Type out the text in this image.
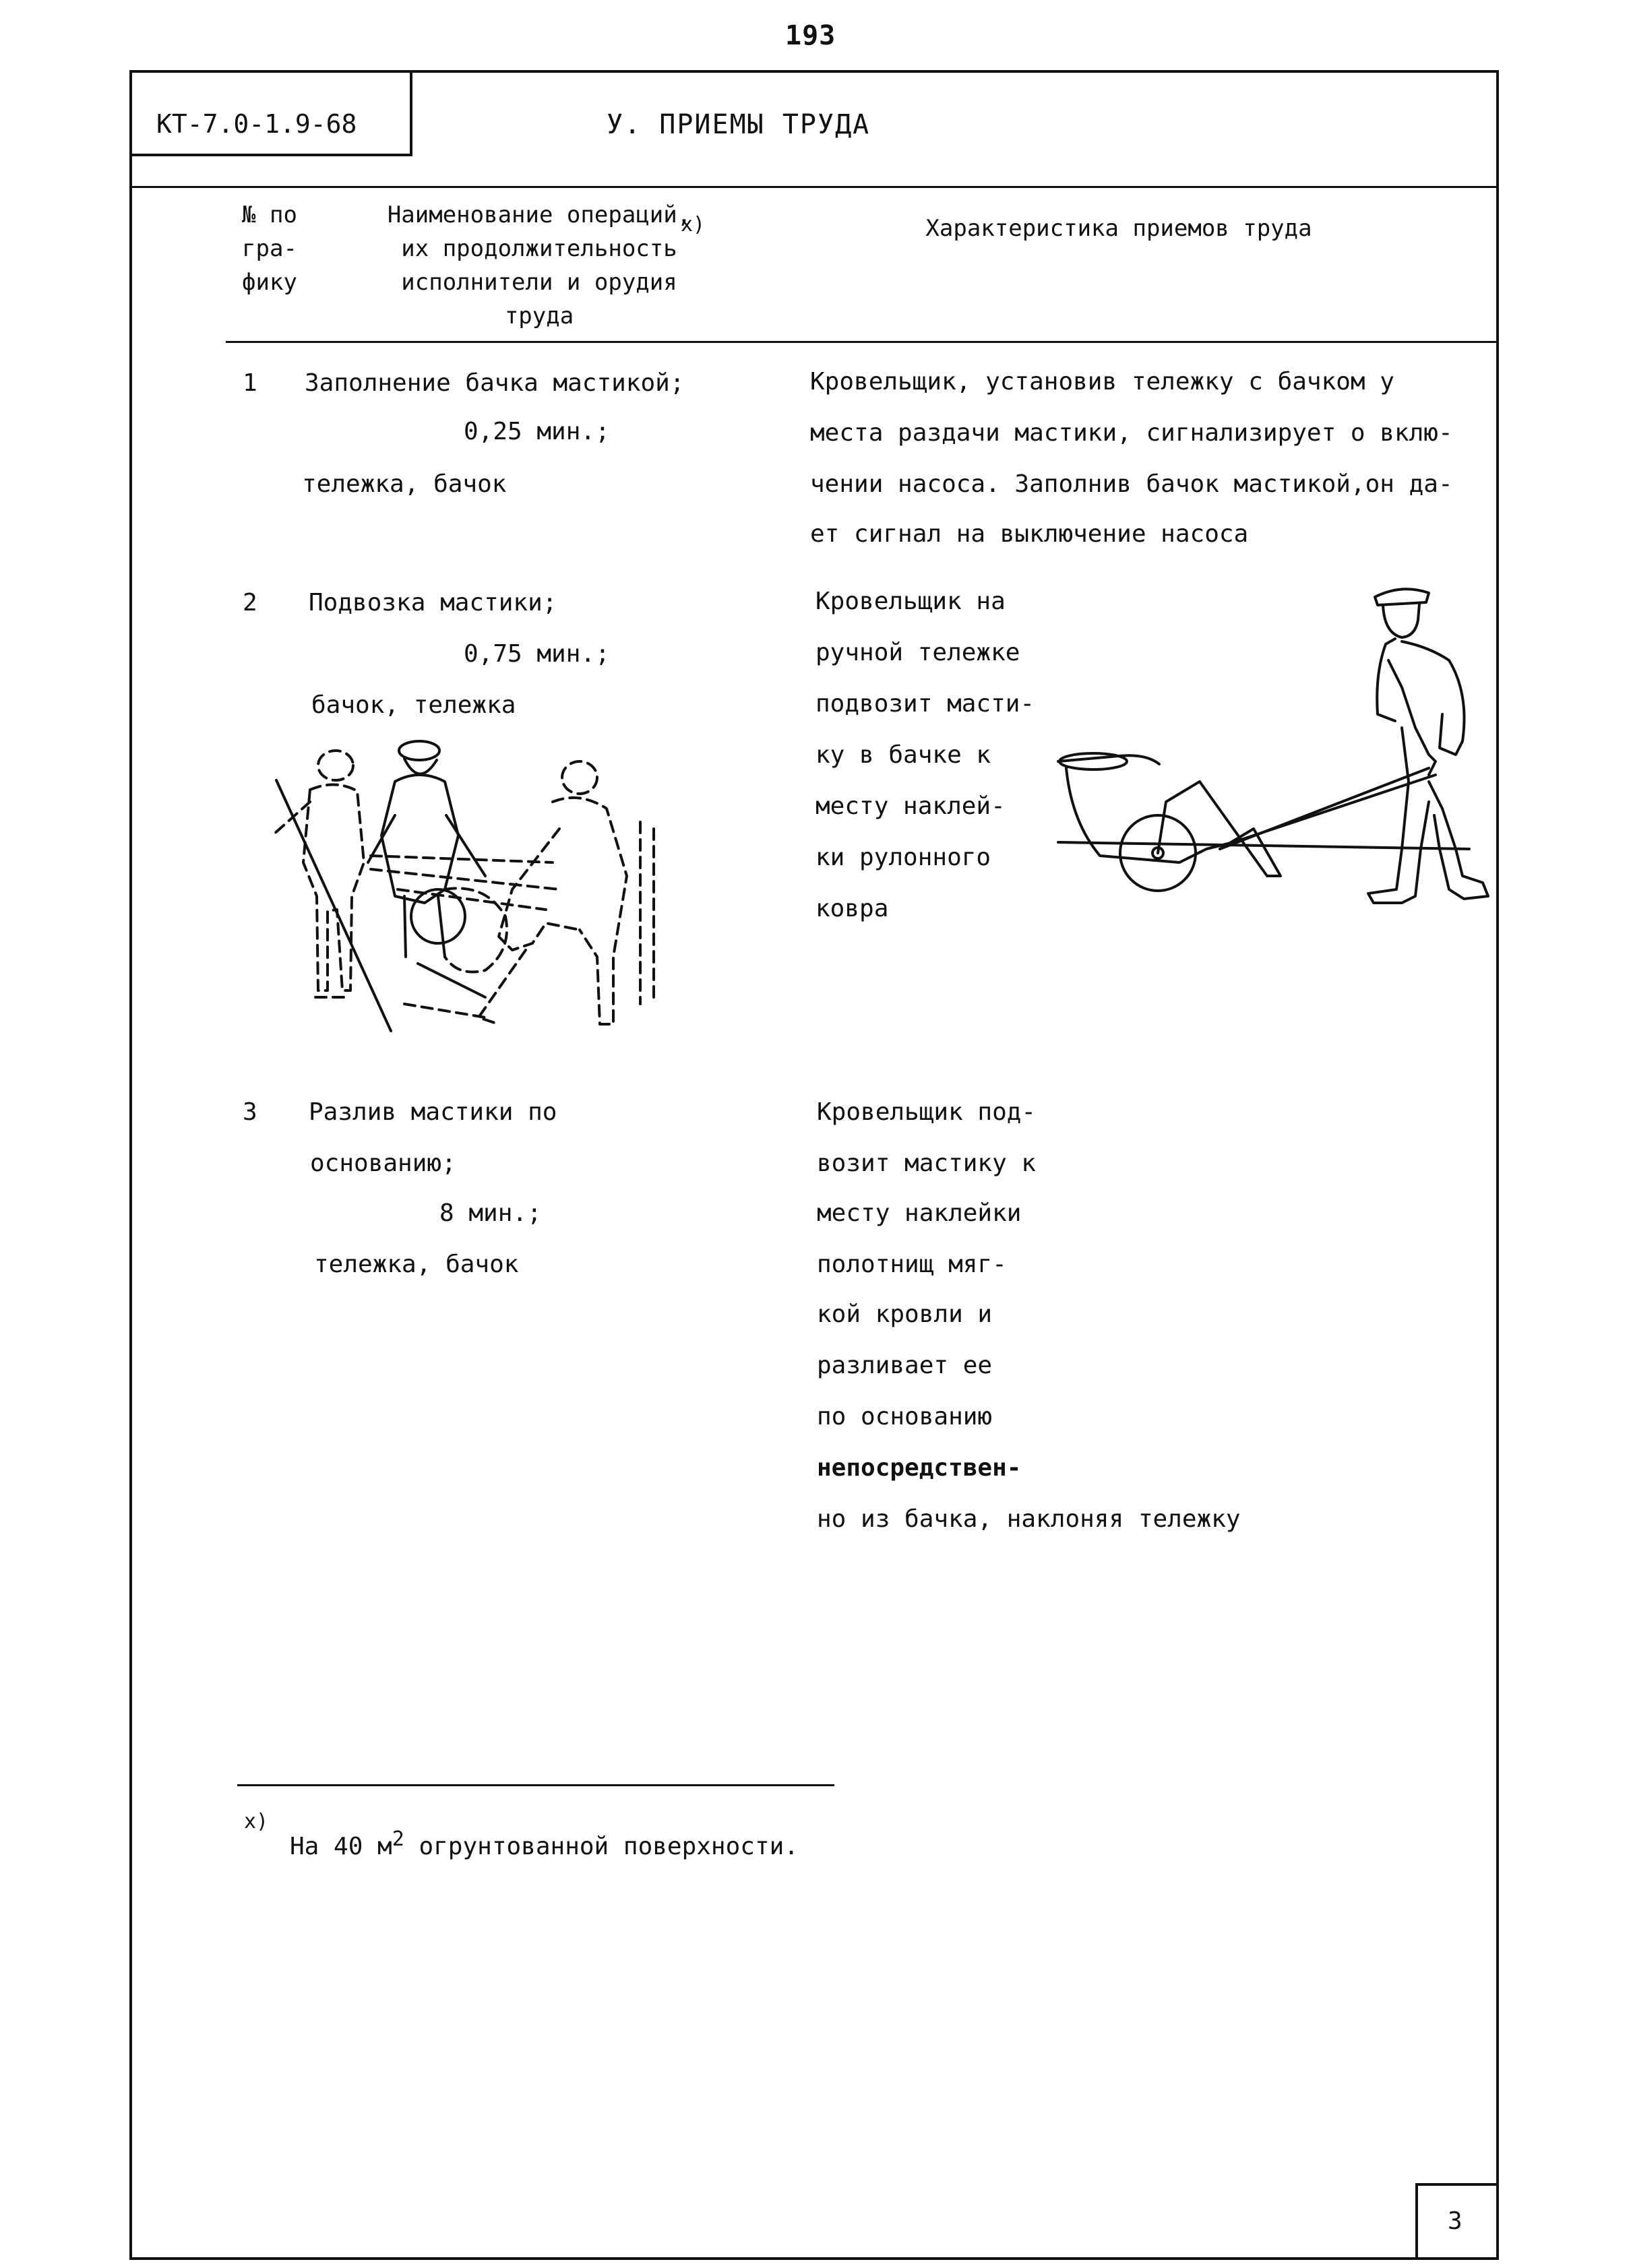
193
КТ-7.0-1.9-68	У. ПРИЕМЫ ТРУДА
№ по
гра-
фику
Наименование операций,
их продолжительность
исполнители и орудия
труда
x)	Характеристика приемов труда
1 Заполнение бачка мастикой;
0,25 мин.;
тележка, бачок
Кровельщик, установив тележку с бачком у
места раздачи мастики, сигнализирует о вклю-
чении насоса. Заполнив бачок мастикой,он да-
ет сигнал на выключение насоса
2 Подвозка мастики;
0,75 мин.;
бачок, тележка
Кровельщик на
ручной тележке
подвозит масти-
ку в бачке к
месту наклей-
ки рулонного
ковра
3 Разлив мастики по
основанию;
8 мин.;
тележка, бачок
Кровельщик под-
возит мастику к
месту наклейки
полотнищ мяг-
кой кровли и
разливает ее
по основанию
непосредствен-
но из бачка, наклоняя тележку
x)
На 40 $м^2$ огрунтованной поверхности.
3
